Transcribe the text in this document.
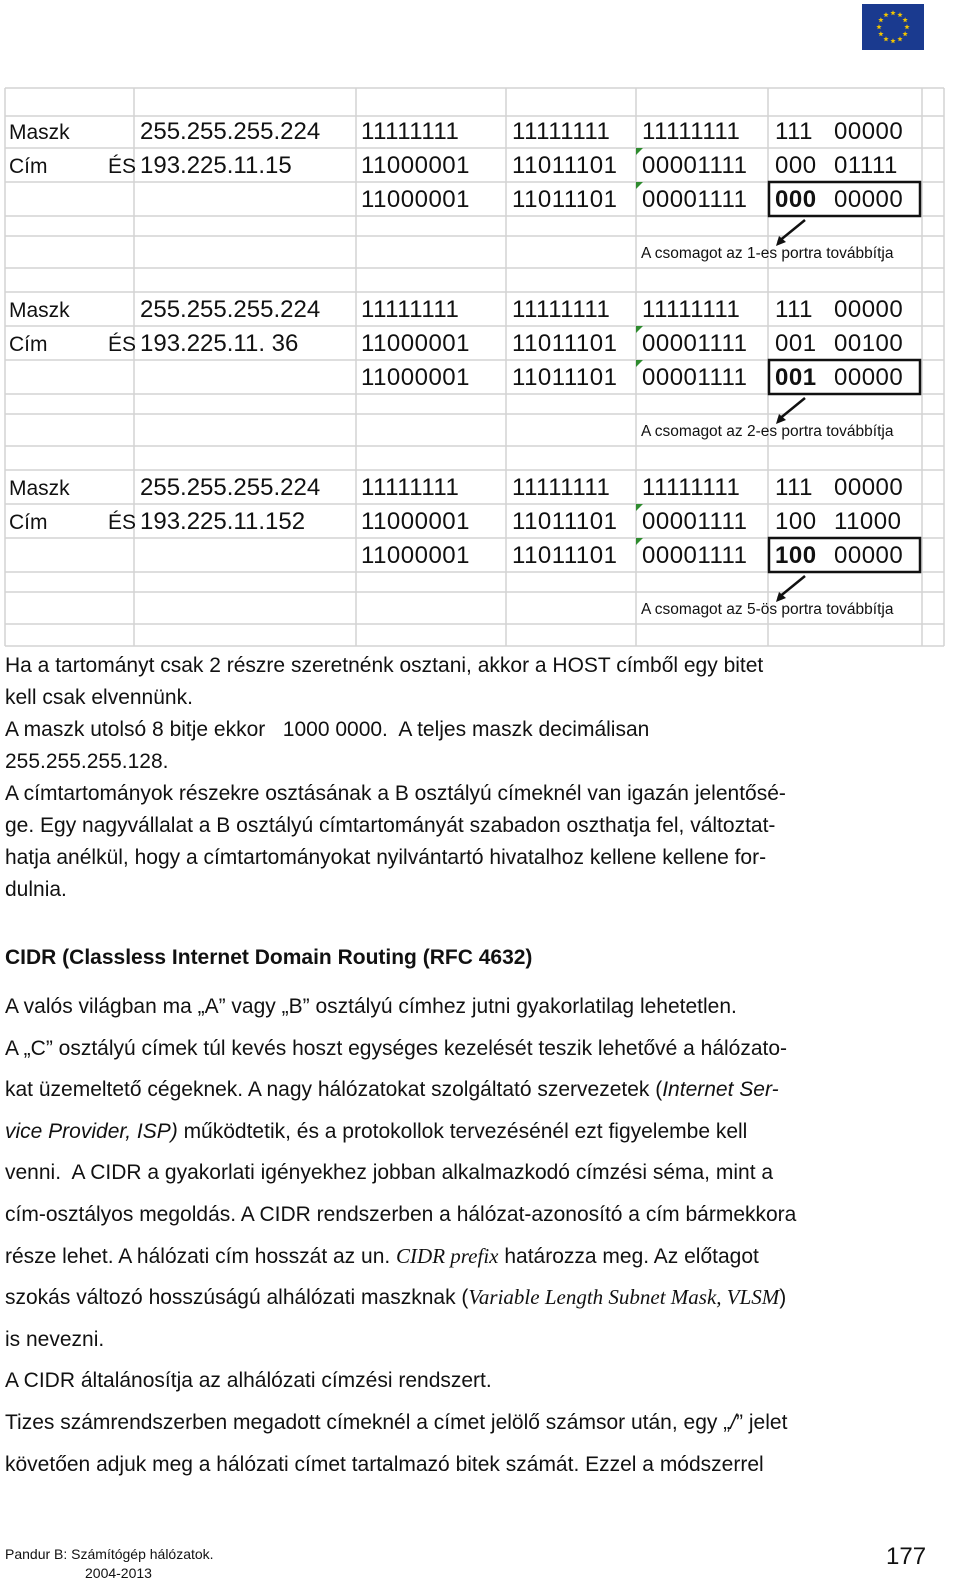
Maszk	255.255.255.224 11111111 11111111 11111111 111 00000
Cím	ÉS 193.225.11.15	11000001 11011101 00001111 000 01111
11000001 11011101 00001111 000 00000
A csomagot az 1-es portra továbbítja
Maszk	255.255.255.224 11111111 11111111 11111111 111 00000
Cím	ÉS 193.225.11. 36	11000001 11011101 00001111 001 00100
11000001 11011101 00001111 001 00000
A csomagot az 2-es portra továbbítja
Maszk	255.255.255.224 11111111 11111111 11111111 111 00000
Cím	ÉS 193.225.11.152 11000001 11011101 00001111 100 11000
11000001 11011101 00001111 100 00000
A csomagot az 5-ös portra továbbítja
Ha a tartományt csak 2 részre szeretnénk osztani, akkor a HOST címből egy bitet
kell csak elvennünk.
A maszk utolsó 8 bitje ekkor   1000 0000.  A teljes maszk decimálisan
255.255.255.128.
A címtartományok részekre osztásának a B osztályú címeknél van igazán jelentősé-
ge. Egy nagyvállalat a B osztályú címtartományát szabadon oszthatja fel, változtat-
hatja anélkül, hogy a címtartományokat nyilvántartó hivatalhoz kellene kellene for-
dulnia.
CIDR (Classless Internet Domain Routing (RFC 4632)
A valós világban ma „A” vagy „B” osztályú címhez jutni gyakorlatilag lehetetlen.
A „C” osztályú címek túl kevés hoszt egységes kezelését teszik lehetővé a hálózato-
kat üzemeltető cégeknek. A nagy hálózatokat szolgáltató szervezetek (Internet Ser-
vice Provider, ISP) működtetik, és a protokollok tervezésénél ezt figyelembe kell
venni.  A CIDR a gyakorlati igényekhez jobban alkalmazkodó címzési séma, mint a
cím-osztályos megoldás. A CIDR rendszerben a hálózat-azonosító a cím bármekkora
része lehet. A hálózati cím hosszát az un. CIDR prefix határozza meg. Az előtagot
szokás változó hosszúságú alhálózati maszknak (Variable Length Subnet Mask, VLSM)
is nevezni.
A CIDR általánosítja az alhálózati címzési rendszert.
Tizes számrendszerben megadott címeknél a címet jelölő számsor után, egy „/” jelet
követően adjuk meg a hálózati címet tartalmazó bitek számát. Ezzel a módszerrel
Pandur B: Számítógép hálózatok.
2004-2013
177
